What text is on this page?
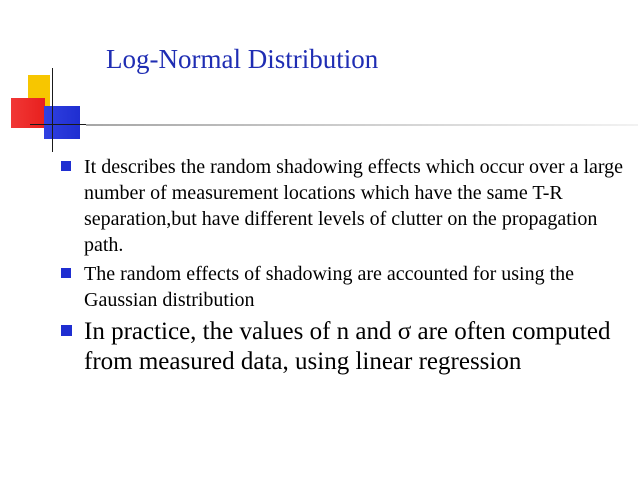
Log-Normal Distribution
It describes the random shadowing effects which occur over a large number of measurement locations which have the same T-R separation,but have different levels of clutter on the propagation path.
The random effects of shadowing are accounted for using the Gaussian distribution
In practice, the values of n and σ are often computed from measured data, using linear regression
